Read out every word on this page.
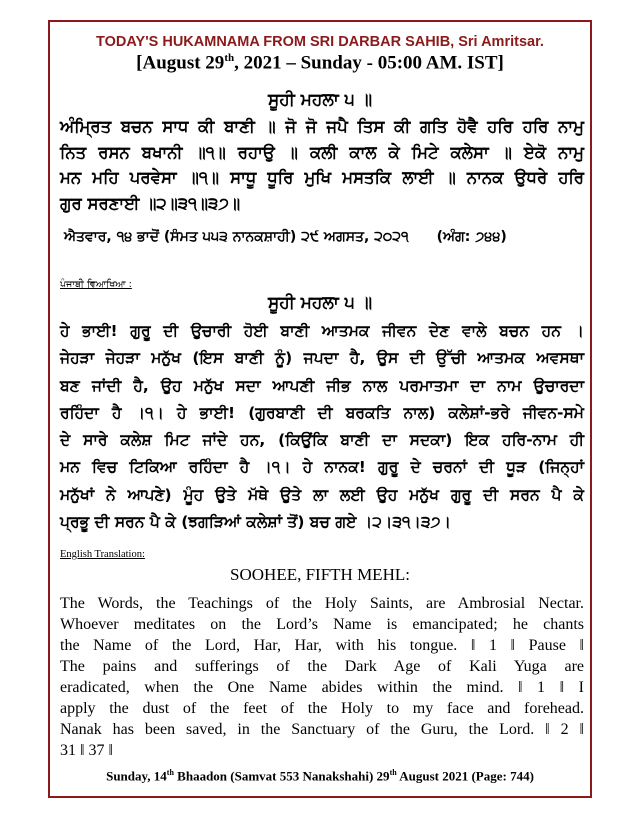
TODAY'S HUKAMNAMA FROM SRI DARBAR SAHIB, Sri Amritsar.
[August 29th, 2021 – Sunday - 05:00 AM. IST]
ਸੂਹੀ ਮਹਲਾ ੫ ॥
ਅੰਮ੍ਰਿਤ ਬਚਨ ਸਾਧ ਕੀ ਬਾਣੀ ॥ ਜੋ ਜੋ ਜਪੈ ਤਿਸ ਕੀ ਗਤਿ ਹੋਵੈ ਹਰਿ ਹਰਿ ਨਾਮੁ
ਨਿਤ ਰਸਨ ਬਖਾਨੀ ॥੧॥ ਰਹਾਉ ॥ ਕਲੀ ਕਾਲ ਕੇ ਮਿਟੇ ਕਲੇਸਾ ॥ ਏਕੋ ਨਾਮੁ
ਮਨ ਮਹਿ ਪਰਵੇਸਾ ॥੧॥ ਸਾਧੂ ਧੂਰਿ ਮੁਖਿ ਮਸਤਕਿ ਲਾਈ ॥ ਨਾਨਕ ਉਧਰੇ ਹਰਿ
ਗੁਰ ਸਰਣਾਈ ॥੨॥੩੧॥੩੭॥
ਐਤਵਾਰ, ੧੪ ਭਾਦੋਂ (ਸੰਮਤ ੫੫੩ ਨਾਨਕਸ਼ਾਹੀ) ੨੯ ਅਗਸਤ, ੨੦੨੧ (ਅੰਗ: ੭੪੪)
ਪੰਜਾਬੀ ਵਿਆਖਿਆ :
ਸੂਹੀ ਮਹਲਾ ੫ ॥
ਹੇ ਭਾਈ! ਗੁਰੂ ਦੀ ਉਚਾਰੀ ਹੋਈ ਬਾਣੀ ਆਤਮਕ ਜੀਵਨ ਦੇਣ ਵਾਲੇ ਬਚਨ ਹਨ ।
ਜੇਹੜਾ ਜੇਹੜਾ ਮਨੁੱਖ (ਇਸ ਬਾਣੀ ਨੂੰ) ਜਪਦਾ ਹੈ, ਉਸ ਦੀ ਉੱਚੀ ਆਤਮਕ ਅਵਸਥਾ
ਬਣ ਜਾਂਦੀ ਹੈ, ਉਹ ਮਨੁੱਖ ਸਦਾ ਆਪਣੀ ਜੀਭ ਨਾਲ ਪਰਮਾਤਮਾ ਦਾ ਨਾਮ ਉਚਾਰਦਾ
ਰਹਿੰਦਾ ਹੈ ।੧। ਹੇ ਭਾਈ! (ਗੁਰਬਾਣੀ ਦੀ ਬਰਕਤਿ ਨਾਲ) ਕਲੇਸ਼ਾਂ-ਭਰੇ ਜੀਵਨ-ਸਮੇ
ਦੇ ਸਾਰੇ ਕਲੇਸ਼ ਮਿਟ ਜਾਂਦੇ ਹਨ, (ਕਿਉਂਕਿ ਬਾਣੀ ਦਾ ਸਦਕਾ) ਇਕ ਹਰਿ-ਨਾਮ ਹੀ
ਮਨ ਵਿਚ ਟਿਕਿਆ ਰਹਿੰਦਾ ਹੈ ।੧। ਹੇ ਨਾਨਕ! ਗੁਰੂ ਦੇ ਚਰਨਾਂ ਦੀ ਧੂੜ (ਜਿਨ੍ਹਾਂ
ਮਨੁੱਖਾਂ ਨੇ ਆਪਣੇ) ਮੂੰਹ ਉਤੇ ਮੱਥੇ ਉਤੇ ਲਾ ਲਈ ਉਹ ਮਨੁੱਖ ਗੁਰੂ ਦੀ ਸਰਨ ਪੈ ਕੇ
ਪ੍ਰਭੂ ਦੀ ਸਰਨ ਪੈ ਕੇ (ਝਗੜਿਆਂ ਕਲੇਸ਼ਾਂ ਤੋਂ) ਬਚ ਗਏ ।੨।੩੧।੩੭।
English Translation:
SOOHEE, FIFTH MEHL:
The Words, the Teachings of the Holy Saints, are Ambrosial Nectar.
Whoever meditates on the Lord’s Name is emancipated; he chants
the Name of the Lord, Har, Har, with his tongue. ‖ 1 ‖ Pause ‖
The pains and sufferings of the Dark Age of Kali Yuga are
eradicated, when the One Name abides within the mind. ‖ 1 ‖ I
apply the dust of the feet of the Holy to my face and forehead.
Nanak has been saved, in the Sanctuary of the Guru, the Lord. ‖ 2 ‖
31 ‖ 37 ‖
Sunday, 14th Bhaadon (Samvat 553 Nanakshahi) 29th August 2021 (Page: 744)
